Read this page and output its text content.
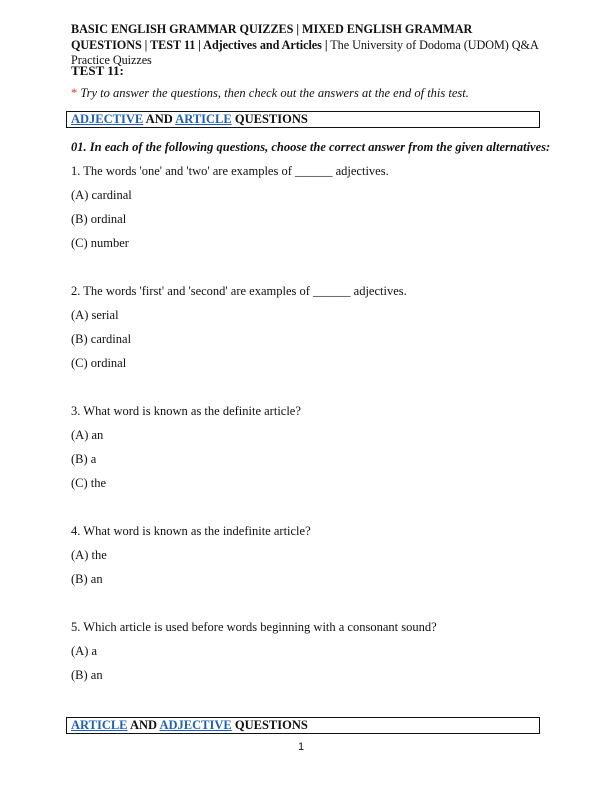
BASIC ENGLISH GRAMMAR QUIZZES | MIXED ENGLISH GRAMMAR QUESTIONS | TEST 11 | Adjectives and Articles | The University of Dodoma (UDOM) Q&A Practice Quizzes
TEST 11:
* Try to answer the questions, then check out the answers at the end of this test.
ADJECTIVE AND ARTICLE QUESTIONS
01. In each of the following questions, choose the correct answer from the given alternatives:
1. The words 'one' and 'two' are examples of ______ adjectives.
(A) cardinal
(B) ordinal
(C) number
2. The words 'first' and 'second' are examples of ______ adjectives.
(A) serial
(B) cardinal
(C) ordinal
3. What word is known as the definite article?
(A) an
(B) a
(C) the
4. What word is known as the indefinite article?
(A) the
(B) an
5. Which article is used before words beginning with a consonant sound?
(A) a
(B) an
ARTICLE AND ADJECTIVE QUESTIONS
1
